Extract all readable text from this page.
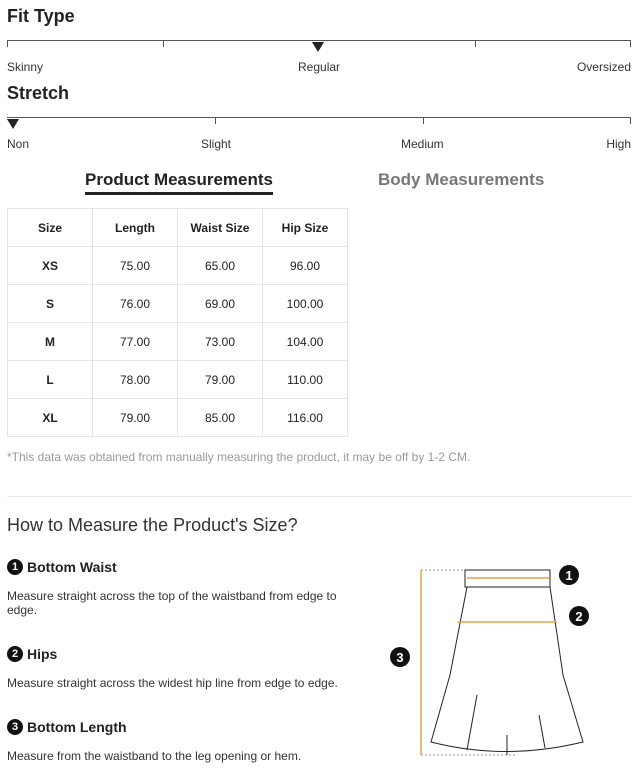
Fit Type
Skinny	Regular	Oversized
Stretch
Non	Slight	Medium	High
Product Measurements	Body Measurements
Size	Length	Waist Size	Hip Size
XS	75.00	65.00	96.00
S	76.00	69.00	100.00
M	77.00	73.00	104.00
L	78.00	79.00	110.00
XL	79.00	85.00	116.00
*This data was obtained from manually measuring the product, it may be off by 1-2 CM.
How to Measure the Product's Size?
1 Bottom Waist
Measure straight across the top of the waistband from edge to edge.
2 Hips
Measure straight across the widest hip line from edge to edge.
3 Bottom Length
Measure from the waistband to the leg opening or hem.
1
2
3
